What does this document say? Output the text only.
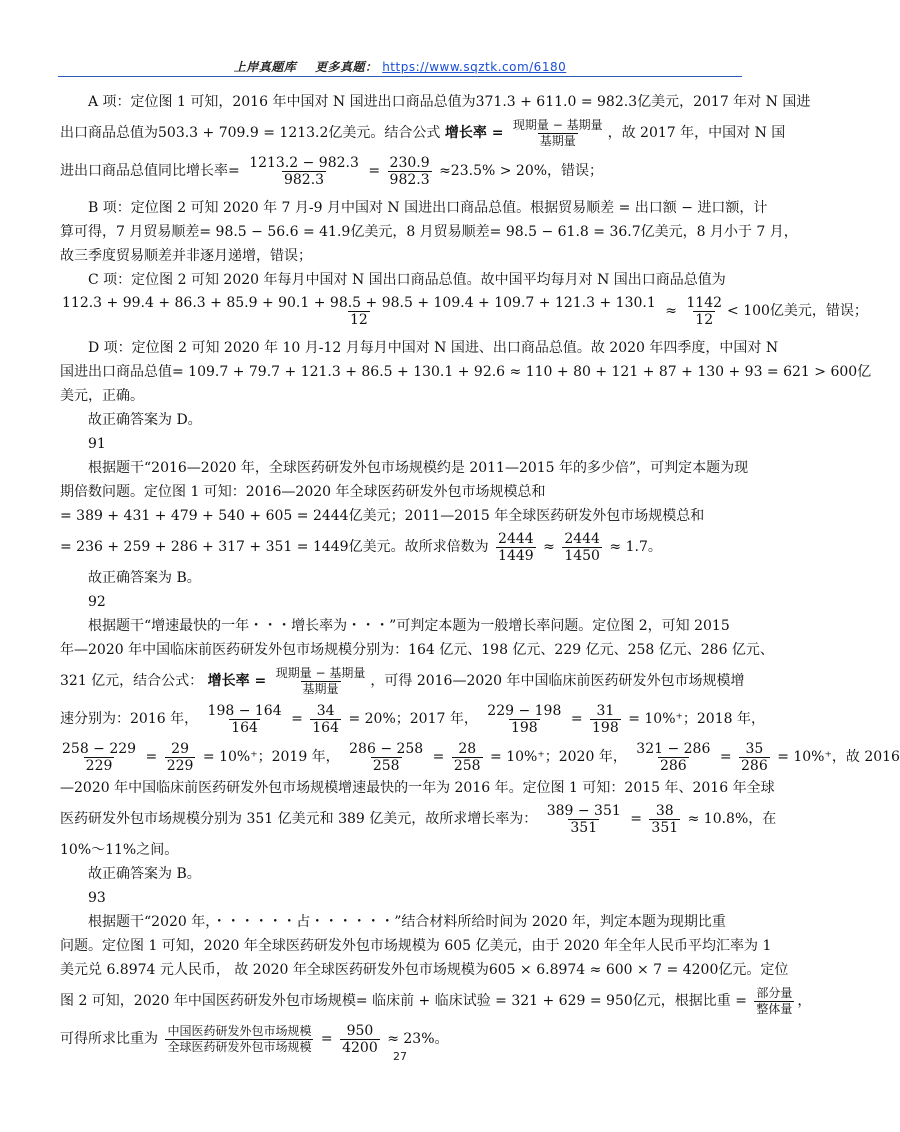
上岸真题库 更多真题： https://www.sqztk.com/6180
A 项：定位图 1 可知，2016 年中国对 N 国进出口商品总值为371.3 + 611.0 = 982.3亿美元，2017 年对 N 国进
出口商品总值为503.3 + 709.9 = 1213.2亿美元。结合公式 增长率 = $\frac{\text{现期量 − 基期量}}{\text{基期量}}$ ，故 2017 年，中国对 N 国
进出口商品总值同比增长率= $\frac{1213.2 - 982.3}{982.3} = \frac{230.9}{982.3} \approx 23.5\% > 20\%$，错误；
B 项：定位图 2 可知 2020 年 7 月-9 月中国对 N 国进出口商品总值。根据贸易顺差 = 出口额 − 进口额，计
算可得，7 月贸易顺差= 98.5 − 56.6 = 41.9亿美元，8 月贸易顺差= 98.5 − 61.8 = 36.7亿美元，8 月小于 7 月，
故三季度贸易顺差并非逐月递增，错误；
C 项：定位图 2 可知 2020 年每月中国对 N 国出口商品总值。故中国平均每月对 N 国出口商品总值为
112.3 + 99.4 + 86.3 + 85.9 + 90.1 + 98.5 + 98.5 + 109.4 + 109.7 + 121.3 + 130.1
12
≈ $\frac{1142}{12} < 100$亿美元，错误；
D 项：定位图 2 可知 2020 年 10 月-12 月每月中国对 N 国进、出口商品总值。故 2020 年四季度，中国对 N
国进出口商品总值= 109.7 + 79.7 + 121.3 + 86.5 + 130.1 + 92.6 ≈ 110 + 80 + 121 + 87 + 130 + 93 = 621 > 600亿
美元，正确。
故正确答案为 D。
91
根据题干“2016—2020 年，全球医药研发外包市场规模约是 2011—2015 年的多少倍”，可判定本题为现
期倍数问题。定位图 1 可知：2016—2020 年全球医药研发外包市场规模总和
= 389 + 431 + 479 + 540 + 605 = 2444亿美元；2011—2015 年全球医药研发外包市场规模总和
= 236 + 259 + 286 + 317 + 351 = 1449亿美元。故所求倍数为 $\frac{2444}{1449} \approx \frac{2444}{1450} \approx 1.7$。
故正确答案为 B。
92
根据题干“增速最快的一年・・・增长率为・・・”可判定本题为一般增长率问题。定位图 2，可知 2015
年—2020 年中国临床前医药研发外包市场规模分别为：164 亿元、198 亿元、229 亿元、258 亿元、286 亿元、
321 亿元，结合公式： 增长率 = $\frac{\text{现期量 − 基期量}}{\text{基期量}}$ ，可得 2016—2020 年中国临床前医药研发外包市场规模增
速分别为：2016 年， $\frac{198 - 164}{164} = \frac{34}{164} = 20\%$；2017 年， $\frac{229 - 198}{198} = \frac{31}{198} = 10\%^+$；2018 年，
$\frac{258 - 229}{229} = \frac{29}{229} = 10\%^+$；2019 年， $\frac{286 - 258}{258} = \frac{28}{258} = 10\%^+$；2020 年， $\frac{321 - 286}{286} = \frac{35}{286} = 10\%^+$，故 2016
—2020 年中国临床前医药研发外包市场规模增速最快的一年为 2016 年。定位图 1 可知：2015 年、2016 年全球
医药研发外包市场规模分别为 351 亿美元和 389 亿美元，故所求增长率为： $\frac{389 - 351}{351} = \frac{38}{351} \approx 10.8\%$，在
10%～11%之间。
故正确答案为 B。
93
根据题干“2020 年，・・・・・・占・・・・・・”结合材料所给时间为 2020 年，判定本题为现期比重
问题。定位图 1 可知，2020 年全球医药研发外包市场规模为 605 亿美元，由于 2020 年全年人民币平均汇率为 1
美元兑 6.8974 元人民币， 故 2020 年全球医药研发外包市场规模为605 × 6.8974 ≈ 600 × 7 = 4200亿元。定位
图 2 可知，2020 年中国医药研发外包市场规模= 临床前 + 临床试验 = 321 + 629 = 950亿元，根据比重 = $\frac{\text{部分量}}{\text{整体量}}$ ，
可得所求比重为 $\frac{\text{中国医药研发外包市场规模}}{\text{全球医药研发外包市场规模}} = \frac{950}{4200} \approx 23\%$。
27
